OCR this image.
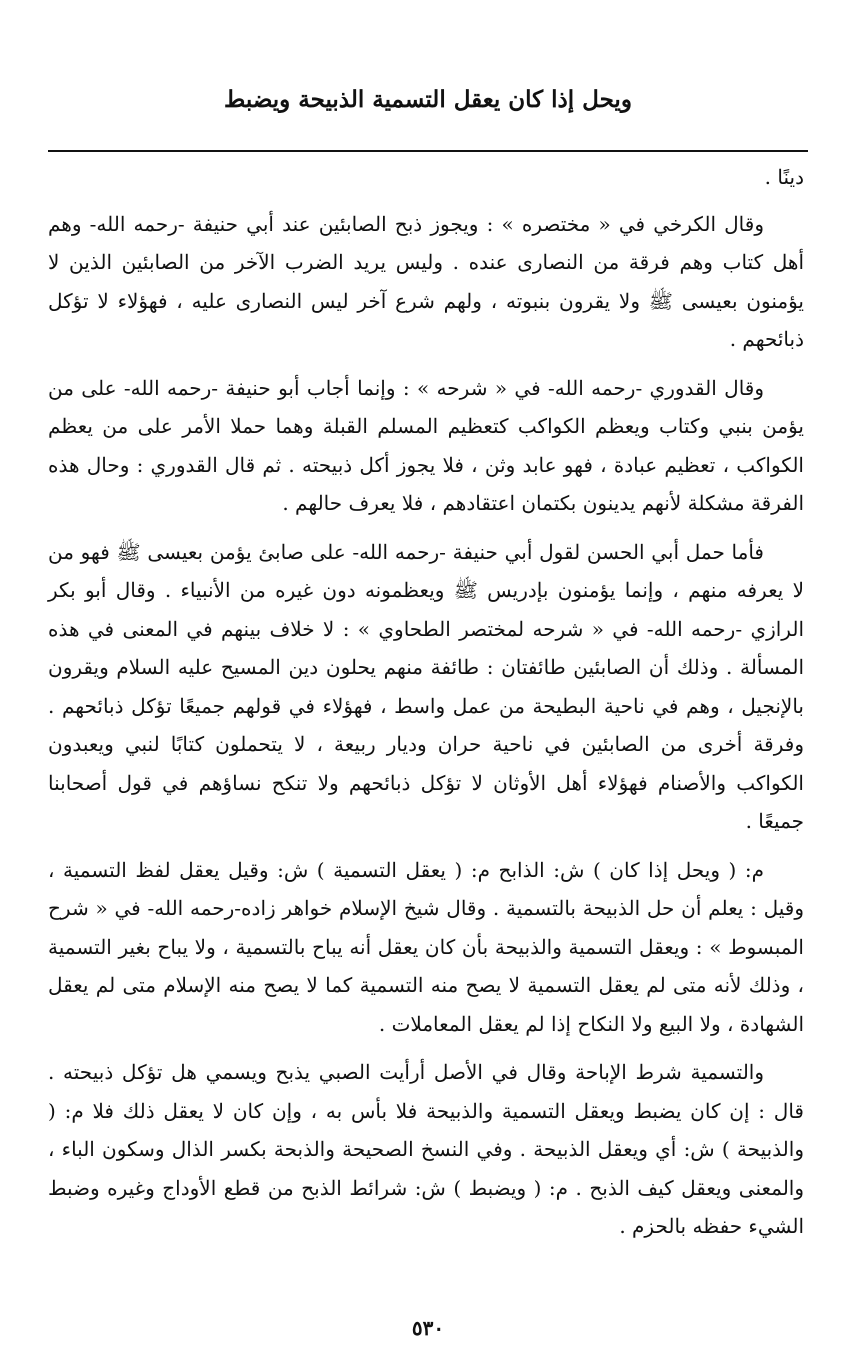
ويحل إذا كان يعقل التسمية الذبيحة ويضبط

دينًا .

وقال الكرخي في « مختصره » : ويجوز ذبح الصابئين عند أبي حنيفة -رحمه الله- وهم أهل كتاب وهم فرقة من النصارى عنده . وليس يريد الضرب الآخر من الصابئين الذين لا يؤمنون بعيسى ﷺ ولا يقرون بنبوته ، ولهم شرع آخر ليس النصارى عليه ، فهؤلاء لا تؤكل ذبائحهم .

وقال القدوري -رحمه الله- في « شرحه » : وإنما أجاب أبو حنيفة -رحمه الله- على من يؤمن بنبي وكتاب ويعظم الكواكب كتعظيم المسلم القبلة وهما حملا الأمر على من يعظم الكواكب ، تعظيم عبادة ، فهو عابد وثن ، فلا يجوز أكل ذبيحته . ثم قال القدوري : وحال هذه الفرقة مشكلة لأنهم يدينون بكتمان اعتقادهم ، فلا يعرف حالهم .

فأما حمل أبي الحسن لقول أبي حنيفة -رحمه الله- على صابئ يؤمن بعيسى ﷺ فهو من لا يعرفه منهم ، وإنما يؤمنون بإدريس ﷺ ويعظمونه دون غيره من الأنبياء . وقال أبو بكر الرازي -رحمه الله- في « شرحه لمختصر الطحاوي » : لا خلاف بينهم في المعنى في هذه المسألة . وذلك أن الصابئين طائفتان : طائفة منهم يحلون دين المسيح عليه السلام ويقرون بالإنجيل ، وهم في ناحية البطيحة من عمل واسط ، فهؤلاء في قولهم جميعًا تؤكل ذبائحهم . وفرقة أخرى من الصابئين في ناحية حران وديار ربيعة ، لا يتحملون كتابًا لنبي ويعبدون الكواكب والأصنام فهؤلاء أهل الأوثان لا تؤكل ذبائحهم ولا تنكح نساؤهم في قول أصحابنا جميعًا .

م: ( ويحل إذا كان ) ش: الذابح م: ( يعقل التسمية ) ش: وقيل يعقل لفظ التسمية ، وقيل : يعلم أن حل الذبيحة بالتسمية . وقال شيخ الإسلام خواهر زاده-رحمه الله- في « شرح المبسوط » : ويعقل التسمية والذبيحة بأن كان يعقل أنه يباح بالتسمية ، ولا يباح بغير التسمية ، وذلك لأنه متى لم يعقل التسمية لا يصح منه التسمية كما لا يصح منه الإسلام متى لم يعقل الشهادة ، ولا البيع ولا النكاح إذا لم يعقل المعاملات .

والتسمية شرط الإباحة وقال في الأصل أرأيت الصبي يذبح ويسمي هل تؤكل ذبيحته . قال : إن كان يضبط ويعقل التسمية والذبيحة فلا بأس به ، وإن كان لا يعقل ذلك فلا م: ( والذبيحة ) ش: أي ويعقل الذبيحة . وفي النسخ الصحيحة والذبحة بكسر الذال وسكون الباء ، والمعنى ويعقل كيف الذبح . م: ( ويضبط ) ش: شرائط الذبح من قطع الأوداج وغيره وضبط الشيء حفظه بالحزم .

٥٣٠
